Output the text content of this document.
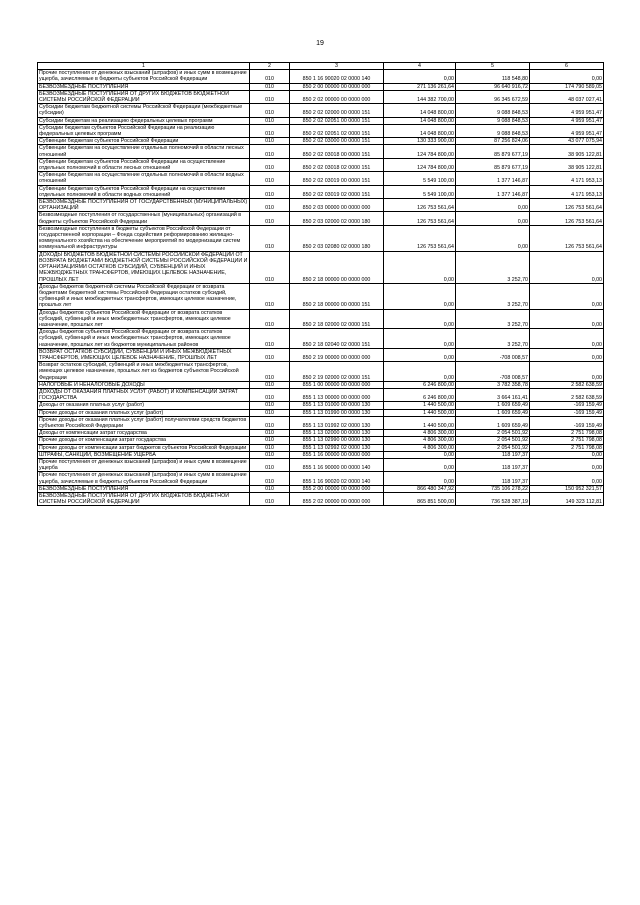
19
1	2	3	4	5	6
Прочие поступления от денежных взысканий (штрафов) и иных сумм в возмещение ущерба, зачисляемые в бюджеты субъектов Российской Федерации	010	850 1 16 90020 02 0000 140	0,00	118 548,80	0,00
БЕЗВОЗМЕЗДНЫЕ ПОСТУПЛЕНИЯ	010	850 2 00 00000 00 0000 000	271 136 261,64	96 640 916,72	174 790 589,05
БЕЗВОЗМЕЗДНЫЕ ПОСТУПЛЕНИЯ ОТ ДРУГИХ БЮДЖЕТОВ БЮДЖЕТНОЙ СИСТЕМЫ РОССИЙСКОЙ ФЕДЕРАЦИИ	010	850 2 02 00000 00 0000 000	144 382 700,00	96 345 672,59	48 037 027,41
Субсидии бюджетам бюджетной системы Российской Федерации (межбюджетные субсидии)	010	850 2 02 02000 00 0000 151	14 048 800,00	9 088 848,53	4 959 951,47
Субсидии бюджетам на реализацию федеральных целевых программ	010	850 2 02 02051 00 0000 151	14 048 800,00	9 088 848,53	4 959 951,47
Субсидии бюджетам субъектов Российской Федерации на реализацию федеральных целевых программ	010	850 2 02 02051 02 0000 151	14 048 800,00	9 088 848,53	4 959 951,47
Субвенции бюджетам субъектов Российской Федерации	010	850 2 02 03000 00 0000 151	130 333 900,00	87 256 824,06	43 077 075,94
Субвенции бюджетам на осуществление отдельных полномочий в области лесных отношений	010	850 2 02 03018 00 0000 151	124 784 800,00	85 879 677,19	38 905 122,81
Субвенции бюджетам субъектов Российской Федерации на осуществление отдельных полномочий в области лесных отношений	010	850 2 02 03018 02 0000 151	124 784 800,00	85 879 677,19	38 905 122,81
Субвенции бюджетам на осуществление отдельных полномочий в области водных отношений	010	850 2 02 03019 00 0000 151	5 549 100,00	1 377 146,87	4 171 953,13
Субвенции бюджетам субъектов Российской Федерации на осуществление отдельных полномочий в области водных отношений	010	850 2 02 03019 02 0000 151	5 549 100,00	1 377 146,87	4 171 953,13
БЕЗВОЗМЕЗДНЫЕ ПОСТУПЛЕНИЯ ОТ ГОСУДАРСТВЕННЫХ (МУНИЦИПАЛЬНЫХ) ОРГАНИЗАЦИЙ	010	850 2 03 00000 00 0000 000	126 753 561,64	0,00	126 753 561,64
Безвозмездные поступления от государственных (муниципальных) организаций в бюджеты субъектов Российской Федерации	010	850 2 03 02000 02 0000 180	126 753 561,64	0,00	126 753 561,64
Безвозмездные поступления в бюджеты субъектов Российской Федерации от государственной корпорации – Фонда содействия реформированию жилищно-коммунального хозяйства на обеспечение мероприятий по модернизации систем коммунальной инфраструктуры	010	850 2 03 02080 02 0000 180	126 753 561,64	0,00	126 753 561,64
ДОХОДЫ БЮДЖЕТОВ БЮДЖЕТНОЙ СИСТЕМЫ РОССИЙСКОЙ ФЕДЕРАЦИИ ОТ ВОЗВРАТА БЮДЖЕТАМИ БЮДЖЕТНОЙ СИСТЕМЫ РОССИЙСКОЙ ФЕДЕРАЦИИ И ОРГАНИЗАЦИЯМИ ОСТАТКОВ СУБСИДИЙ, СУБВЕНЦИЙ И ИНЫХ МЕЖБЮДЖЕТНЫХ ТРАНСФЕРТОВ, ИМЕЮЩИХ ЦЕЛЕВОЕ НАЗНАЧЕНИЕ, ПРОШЛЫХ ЛЕТ	010	850 2 18 00000 00 0000 000	0,00	3 252,70	0,00
Доходы бюджетов бюджетной системы Российской Федерации от возврата бюджетами бюджетной системы Российской Федерации остатков субсидий, субвенций и иных межбюджетных трансфертов, имеющих целевое назначение, прошлых лет	010	850 2 18 00000 00 0000 151	0,00	3 252,70	0,00
Доходы бюджетов субъектов Российской Федерации от возврата остатков субсидий, субвенций и иных межбюджетных трансфертов, имеющих целевое назначение, прошлых лет	010	850 2 18 02000 02 0000 151	0,00	3 252,70	0,00
Доходы бюджетов субъектов Российской Федерации от возврата остатков субсидий, субвенций и иных межбюджетных трансфертов, имеющих целевое назначение, прошлых лет из бюджетов муниципальных районов	010	850 2 18 02040 02 0000 151	0,00	3 252,70	0,00
ВОЗВРАТ ОСТАТКОВ СУБСИДИЙ, СУБВЕНЦИЙ И ИНЫХ МЕЖБЮДЖЕТНЫХ ТРАНСФЕРТОВ, ИМЕЮЩИХ ЦЕЛЕВОЕ НАЗНАЧЕНИЕ, ПРОШЛЫХ ЛЕТ	010	850 2 19 00000 00 0000 000	0,00	-708 008,57	0,00
Возврат остатков субсидий, субвенций и иных межбюджетных трансфертов, имеющих целевое назначение, прошлых лет из бюджетов субъектов Российской Федерации	010	850 2 19 02000 02 0000 151	0,00	-708 008,57	0,00
НАЛОГОВЫЕ И НЕНАЛОГОВЫЕ ДОХОДЫ	010	855 1 00 00000 00 0000 000	6 246 800,00	3 782 358,78	2 582 638,59
ДОХОДЫ ОТ ОКАЗАНИЯ ПЛАТНЫХ УСЛУГ (РАБОТ) И КОМПЕНСАЦИИ ЗАТРАТ ГОСУДАРСТВА	010	855 1 13 00000 00 0000 000	6 246 800,00	3 664 161,41	2 582 638,59
Доходы от оказания платных услуг (работ)	010	855 1 13 01000 00 0000 130	1 440 500,00	1 609 659,49	-169 159,49
Прочие доходы от оказания платных услуг (работ)	010	855 1 13 01990 00 0000 130	1 440 500,00	1 609 659,49	-169 159,49
Прочие доходы от оказания платных услуг (работ) получателями средств бюджетов субъектов Российской Федерации	010	855 1 13 01992 02 0000 130	1 440 500,00	1 609 659,49	-169 159,49
Доходы от компенсации затрат государства	010	855 1 13 02000 00 0000 130	4 806 300,00	2 054 501,92	2 751 798,08
Прочие доходы от компенсации затрат государства	010	855 1 13 02990 00 0000 130	4 806 300,00	2 054 501,92	2 751 798,08
Прочие доходы от компенсации затрат бюджетов субъектов Российской Федерации	010	855 1 13 02992 02 0000 130	4 806 300,00	2 054 501,92	2 751 798,08
ШТРАФЫ, САНКЦИИ, ВОЗМЕЩЕНИЕ УЩЕРБА	010	855 1 16 00000 00 0000 000	0,00	118 197,37	0,00
Прочие поступления от денежных взысканий (штрафов) и иных сумм в возмещение ущерба	010	855 1 16 90000 00 0000 140	0,00	118 197,37	0,00
Прочие поступления от денежных взысканий (штрафов) и иных сумм в возмещение ущерба, зачисляемые в бюджеты субъектов Российской Федерации	010	855 1 16 90020 02 0000 140	0,00	118 197,37	0,00
БЕЗВОЗМЕЗДНЫЕ ПОСТУПЛЕНИЯ	010	855 2 00 00000 00 0000 000	866 480 347,92	735 106 278,22	150 952 321,57
БЕЗВОЗМЕЗДНЫЕ ПОСТУПЛЕНИЯ ОТ ДРУГИХ БЮДЖЕТОВ БЮДЖЕТНОЙ СИСТЕМЫ РОССИЙСКОЙ ФЕДЕРАЦИИ	010	855 2 02 00000 00 0000 000	865 851 500,00	736 528 387,19	149 323 112,81
